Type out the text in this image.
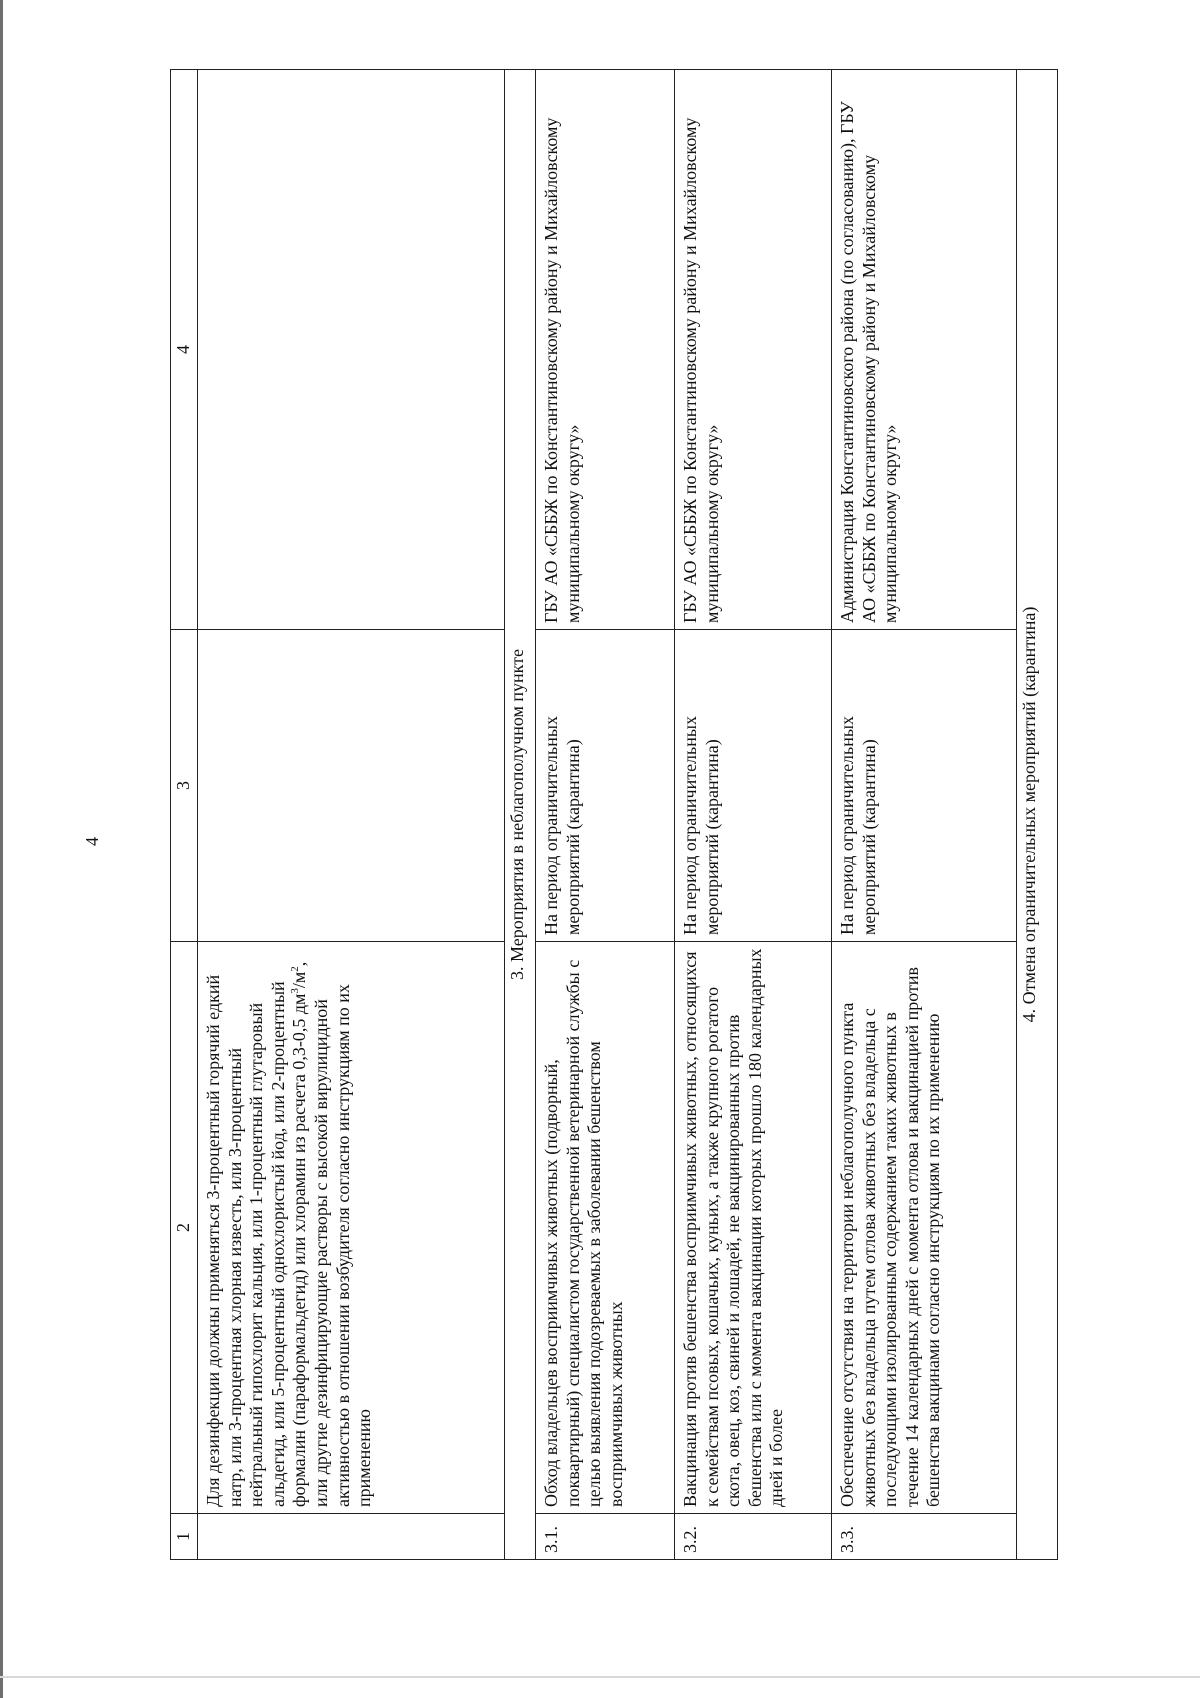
4
1	2	3	4
	Для дезинфекции должны применяться 3-процентный горячий едкий натр, или 3-процентная хлорная известь, или 3-процентный нейтральный гипохлорит кальция, или 1-процентный глутаровый альдегид, или 5-процентный однохлористый йод, или 2-процентный формалин (параформальдегид) или хлорамин из расчета 0,3-0,5 $дм^3/м^2$, или другие дезинфицирующие растворы с высокой вирулицидной активностью в отношении возбудителя согласно инструкциям по их применению		
3. Мероприятия в неблагополучном пункте			
3.1.	Обход владельцев восприимчивых животных (подворный, поквартирный) специалистом государственной ветеринарной службы с целью выявления подозреваемых в заболевании бешенством восприимчивых животных	На период ограничительных мероприятий (карантина)	ГБУ АО «СББЖ по Константиновскому району и Михайловскому муниципальному округу»
3.2.	Вакцинация против бешенства восприимчивых животных, относящихся к семействам псовых, кошачьих, куньих, а также крупного рогатого скота, овец, коз, свиней и лошадей, не вакцинированных против бешенства или с момента вакцинации которых прошло 180 календарных дней и более	На период ограничительных мероприятий (карантина)	ГБУ АО «СББЖ по Константиновскому району и Михайловскому муниципальному округу»
3.3.	Обеспечение отсутствия на территории неблагополучного пункта животных без владельца путем отлова животных без владельца с последующими изолированным содержанием таких животных в течение 14 календарных дней с момента отлова и вакцинацией против бешенства вакцинами согласно инструкциям по их применению	На период ограничительных мероприятий (карантина)	Администрация Константиновского района (по согласованию), ГБУ АО «СББЖ по Константиновскому району и Михайловскому муниципальному округу»
4. Отмена ограничительных мероприятий (карантина)			
